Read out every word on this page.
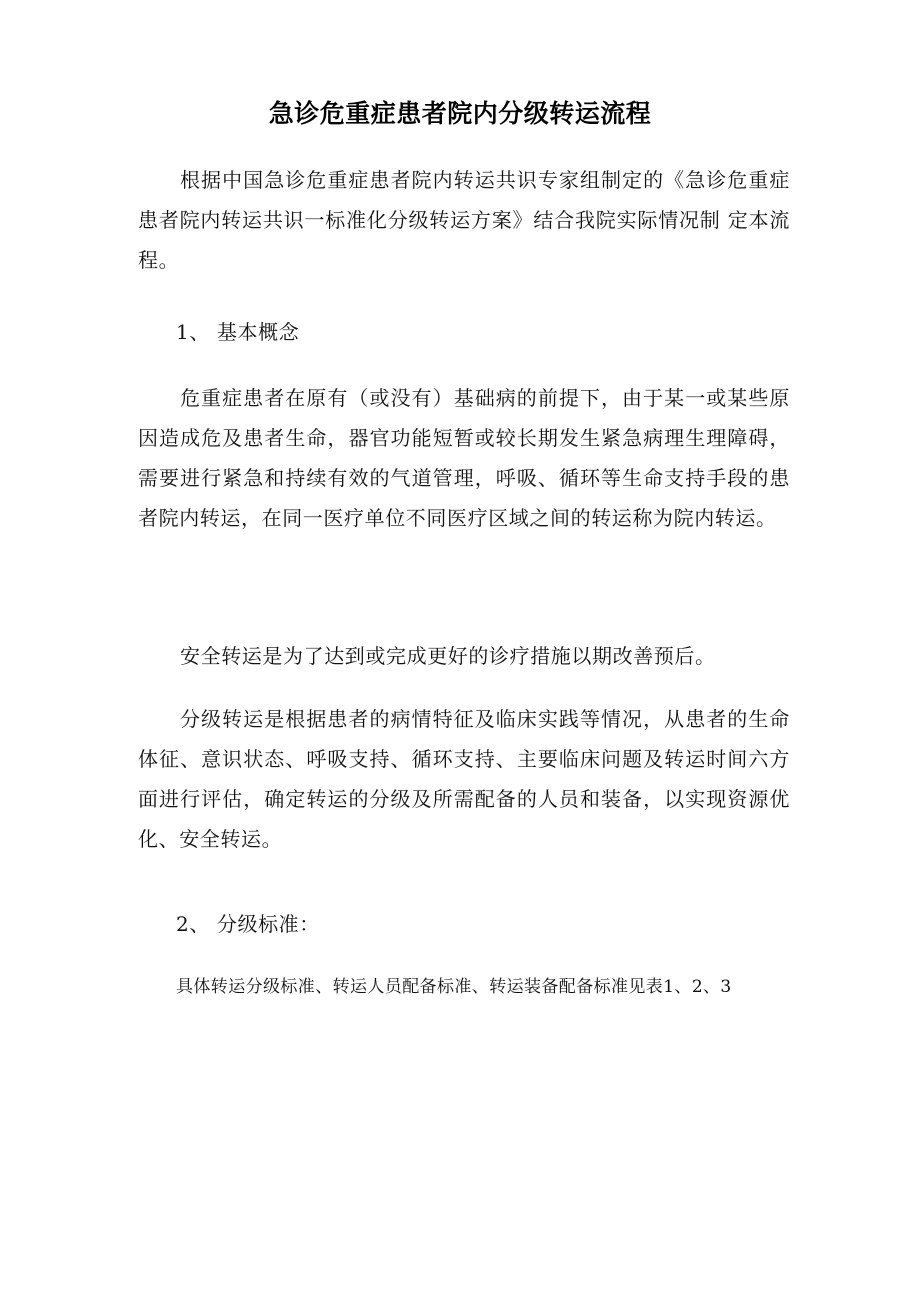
急诊危重症患者院内分级转运流程

根据中国急诊危重症患者院内转运共识专家组制定的《急诊危重症患者院内转运共识一标准化分级转运方案》结合我院实际情况制 定本流程。

1、 基本概念

危重症患者在原有（或没有）基础病的前提下，由于某一或某些原因造成危及患者生命，器官功能短暂或较长期发生紧急病理生理障碍，需要进行紧急和持续有效的气道管理，呼吸、循环等生命支持手段的患者院内转运，在同一医疗单位不同医疗区域之间的转运称为院内转运。

安全转运是为了达到或完成更好的诊疗措施以期改善预后。

分级转运是根据患者的病情特征及临床实践等情况，从患者的生命体征、意识状态、呼吸支持、循环支持、主要临床问题及转运时间六方面进行评估，确定转运的分级及所需配备的人员和装备，以实现资源优化、安全转运。

2、 分级标准：

具体转运分级标准、转运人员配备标准、转运装备配备标准见表1、2、3
